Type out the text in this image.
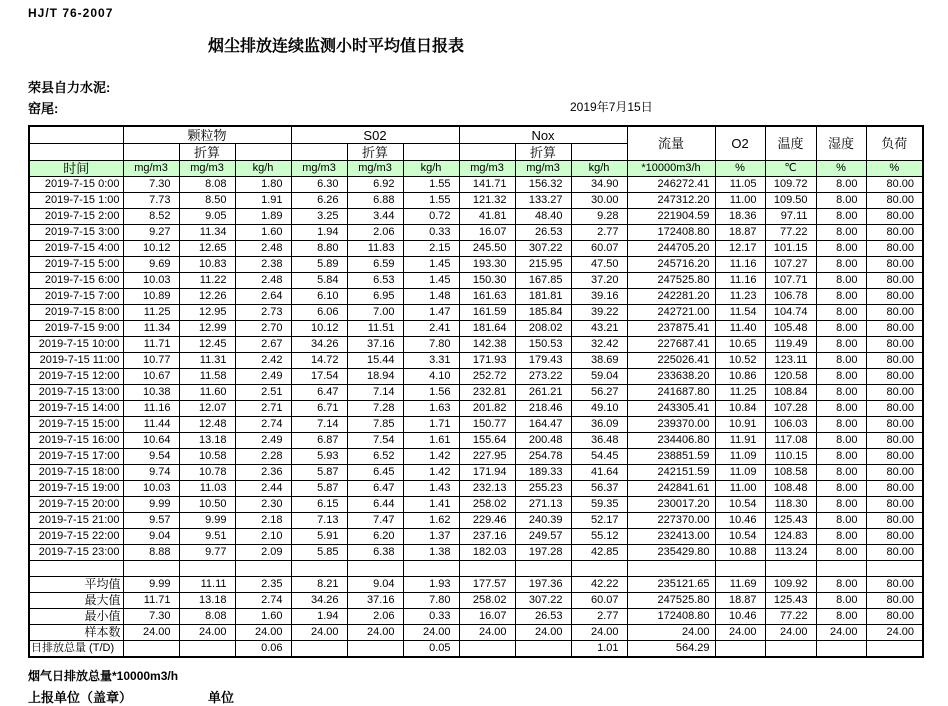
HJ/T 76-2007
烟尘排放连续监测小时平均值日报表
荣县自力水泥:
窑尾:	2019年7月15日
	颗粒物			S02			Nox			流量	O2	温度	湿度	负荷
		折算			折算			折算						
时间	mg/m3	mg/m3	kg/h	mg/m3	mg/m3	kg/h	mg/m3	mg/m3	kg/h	*10000m3/h	%	℃	%	%
2019-7-15 0:00	7.30	8.08	1.80	6.30	6.92	1.55	141.71	156.32	34.90	246272.41	11.05	109.72	8.00	80.00
2019-7-15 1:00	7.73	8.50	1.91	6.26	6.88	1.55	121.32	133.27	30.00	247312.20	11.00	109.50	8.00	80.00
2019-7-15 2:00	8.52	9.05	1.89	3.25	3.44	0.72	41.81	48.40	9.28	221904.59	18.36	97.11	8.00	80.00
2019-7-15 3:00	9.27	11.34	1.60	1.94	2.06	0.33	16.07	26.53	2.77	172408.80	18.87	77.22	8.00	80.00
2019-7-15 4:00	10.12	12.65	2.48	8.80	11.83	2.15	245.50	307.22	60.07	244705.20	12.17	101.15	8.00	80.00
2019-7-15 5:00	9.69	10.83	2.38	5.89	6.59	1.45	193.30	215.95	47.50	245716.20	11.16	107.27	8.00	80.00
2019-7-15 6:00	10.03	11.22	2.48	5.84	6.53	1.45	150.30	167.85	37.20	247525.80	11.16	107.71	8.00	80.00
2019-7-15 7:00	10.89	12.26	2.64	6.10	6.95	1.48	161.63	181.81	39.16	242281.20	11.23	106.78	8.00	80.00
2019-7-15 8:00	11.25	12.95	2.73	6.06	7.00	1.47	161.59	185.84	39.22	242721.00	11.54	104.74	8.00	80.00
2019-7-15 9:00	11.34	12.99	2.70	10.12	11.51	2.41	181.64	208.02	43.21	237875.41	11.40	105.48	8.00	80.00
2019-7-15 10:00	11.71	12.45	2.67	34.26	37.16	7.80	142.38	150.53	32.42	227687.41	10.65	119.49	8.00	80.00
2019-7-15 11:00	10.77	11.31	2.42	14.72	15.44	3.31	171.93	179.43	38.69	225026.41	10.52	123.11	8.00	80.00
2019-7-15 12:00	10.67	11.58	2.49	17.54	18.94	4.10	252.72	273.22	59.04	233638.20	10.86	120.58	8.00	80.00
2019-7-15 13:00	10.38	11.60	2.51	6.47	7.14	1.56	232.81	261.21	56.27	241687.80	11.25	108.84	8.00	80.00
2019-7-15 14:00	11.16	12.07	2.71	6.71	7.28	1.63	201.82	218.46	49.10	243305.41	10.84	107.28	8.00	80.00
2019-7-15 15:00	11.44	12.48	2.74	7.14	7.85	1.71	150.77	164.47	36.09	239370.00	10.91	106.03	8.00	80.00
2019-7-15 16:00	10.64	13.18	2.49	6.87	7.54	1.61	155.64	200.48	36.48	234406.80	11.91	117.08	8.00	80.00
2019-7-15 17:00	9.54	10.58	2.28	5.93	6.52	1.42	227.95	254.78	54.45	238851.59	11.09	110.15	8.00	80.00
2019-7-15 18:00	9.74	10.78	2.36	5.87	6.45	1.42	171.94	189.33	41.64	242151.59	11.09	108.58	8.00	80.00
2019-7-15 19:00	10.03	11.03	2.44	5.87	6.47	1.43	232.13	255.23	56.37	242841.61	11.00	108.48	8.00	80.00
2019-7-15 20:00	9.99	10.50	2.30	6.15	6.44	1.41	258.02	271.13	59.35	230017.20	10.54	118.30	8.00	80.00
2019-7-15 21:00	9.57	9.99	2.18	7.13	7.47	1.62	229.46	240.39	52.17	227370.00	10.46	125.43	8.00	80.00
2019-7-15 22:00	9.04	9.51	2.10	5.91	6.20	1.37	237.16	249.57	55.12	232413.00	10.54	124.83	8.00	80.00
2019-7-15 23:00	8.88	9.77	2.09	5.85	6.38	1.38	182.03	197.28	42.85	235429.80	10.88	113.24	8.00	80.00

平均值	9.99	11.11	2.35	8.21	9.04	1.93	177.57	197.36	42.22	235121.65	11.69	109.92	8.00	80.00
最大值	11.71	13.18	2.74	34.26	37.16	7.80	258.02	307.22	60.07	247525.80	18.87	125.43	8.00	80.00
最小值	7.30	8.08	1.60	1.94	2.06	0.33	16.07	26.53	2.77	172408.80	10.46	77.22	8.00	80.00
样本数	24.00	24.00	24.00	24.00	24.00	24.00	24.00	24.00	24.00	24.00	24.00	24.00	24.00	24.00
日排放总量 (T/D)			0.06			0.05			1.01	564.29				
烟气日排放总量*10000m3/h
上报单位（盖章）	单位
